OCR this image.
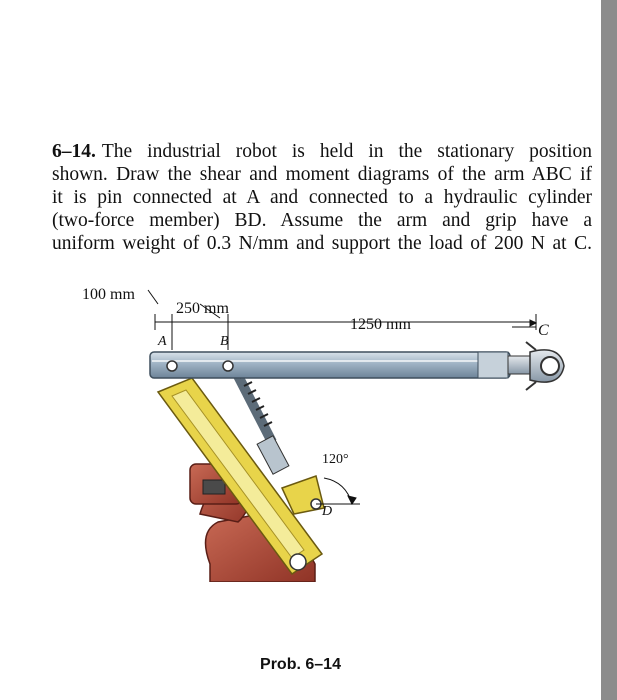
6–14. The industrial robot is held in the stationary position
shown. Draw the shear and moment diagrams of the arm ABC if
it is pin connected at A and connected to a hydraulic cylinder
(two-force member) BD. Assume the arm and grip have a
uniform weight of 0.3 N/mm and support the load of 200 N at C.
100 mm
250 mm
1250 mm
A	B
C
D
120°
Prob. 6–14
